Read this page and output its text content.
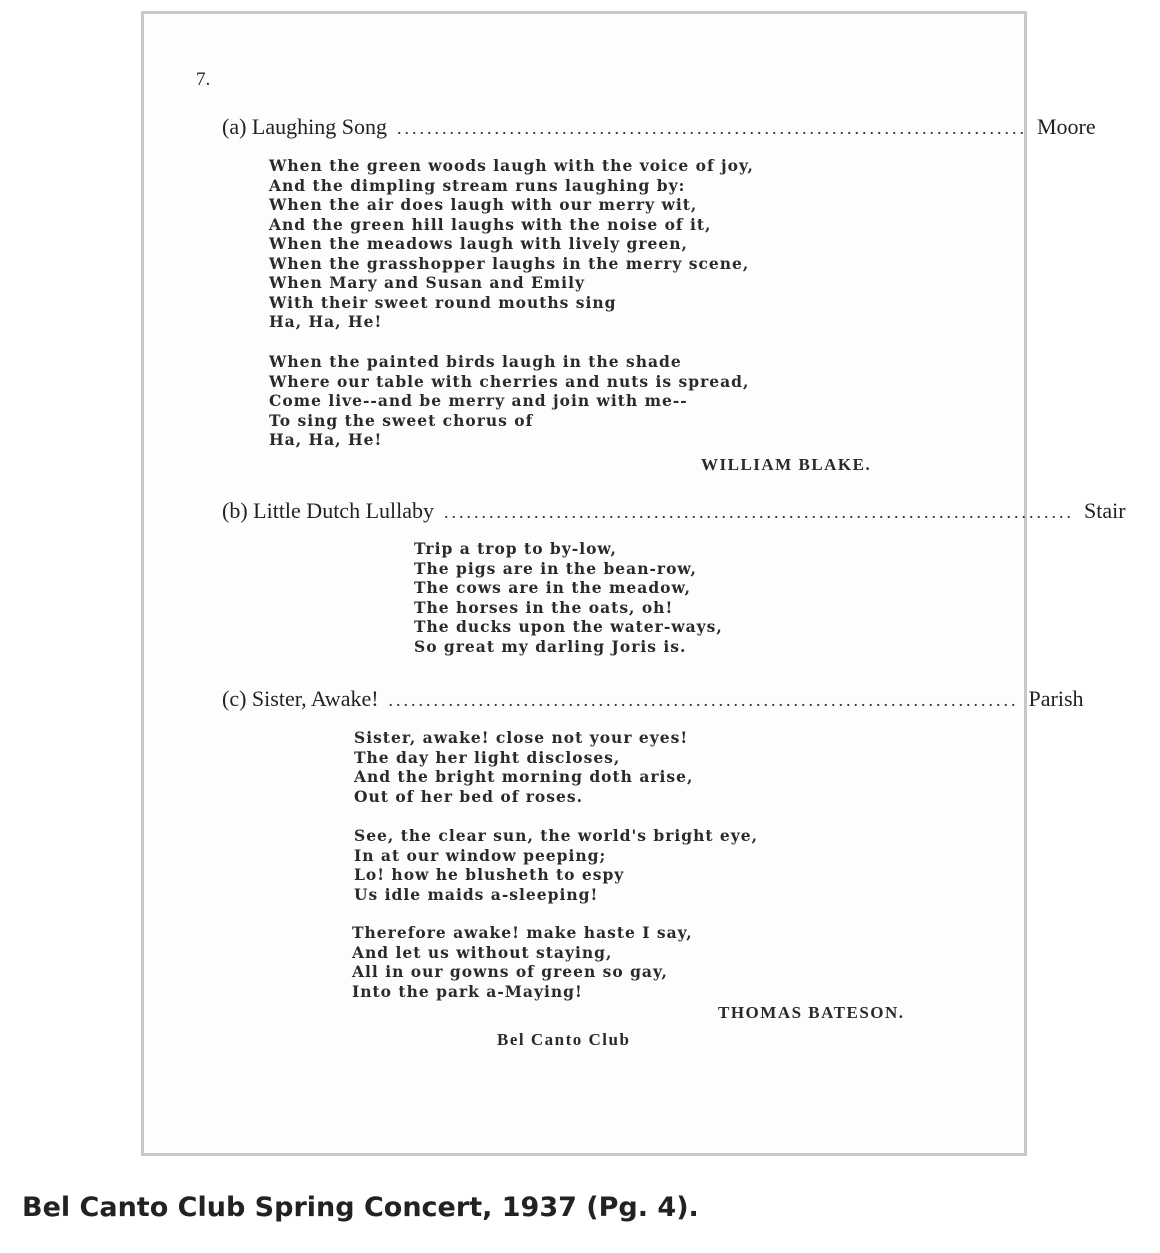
7.
(a) Laughing Song .................................................................................... Moore
When the green woods laugh with the voice of joy,
And the dimpling stream runs laughing by:
When the air does laugh with our merry wit,
And the green hill laughs with the noise of it,
When the meadows laugh with lively green,
When the grasshopper laughs in the merry scene,
When Mary and Susan and Emily
With their sweet round mouths sing
Ha, Ha, He!
When the painted birds laugh in the shade
Where our table with cherries and nuts is spread,
Come live--and be merry and join with me--
To sing the sweet chorus of
Ha, Ha, He!
WILLIAM BLAKE.
(b) Little Dutch Lullaby .................................................................................... Stair
Trip a trop to by-low,
The pigs are in the bean-row,
The cows are in the meadow,
The horses in the oats, oh!
The ducks upon the water-ways,
So great my darling Joris is.
(c) Sister, Awake! .................................................................................... Parish
Sister, awake! close not your eyes!
The day her light discloses,
And the bright morning doth arise,
Out of her bed of roses.
See, the clear sun, the world's bright eye,
In at our window peeping;
Lo! how he blusheth to espy
Us idle maids a-sleeping!
Therefore awake! make haste I say,
And let us without staying,
All in our gowns of green so gay,
Into the park a-Maying!
THOMAS BATESON.
Bel Canto Club
Bel Canto Club Spring Concert, 1937 (Pg. 4).
